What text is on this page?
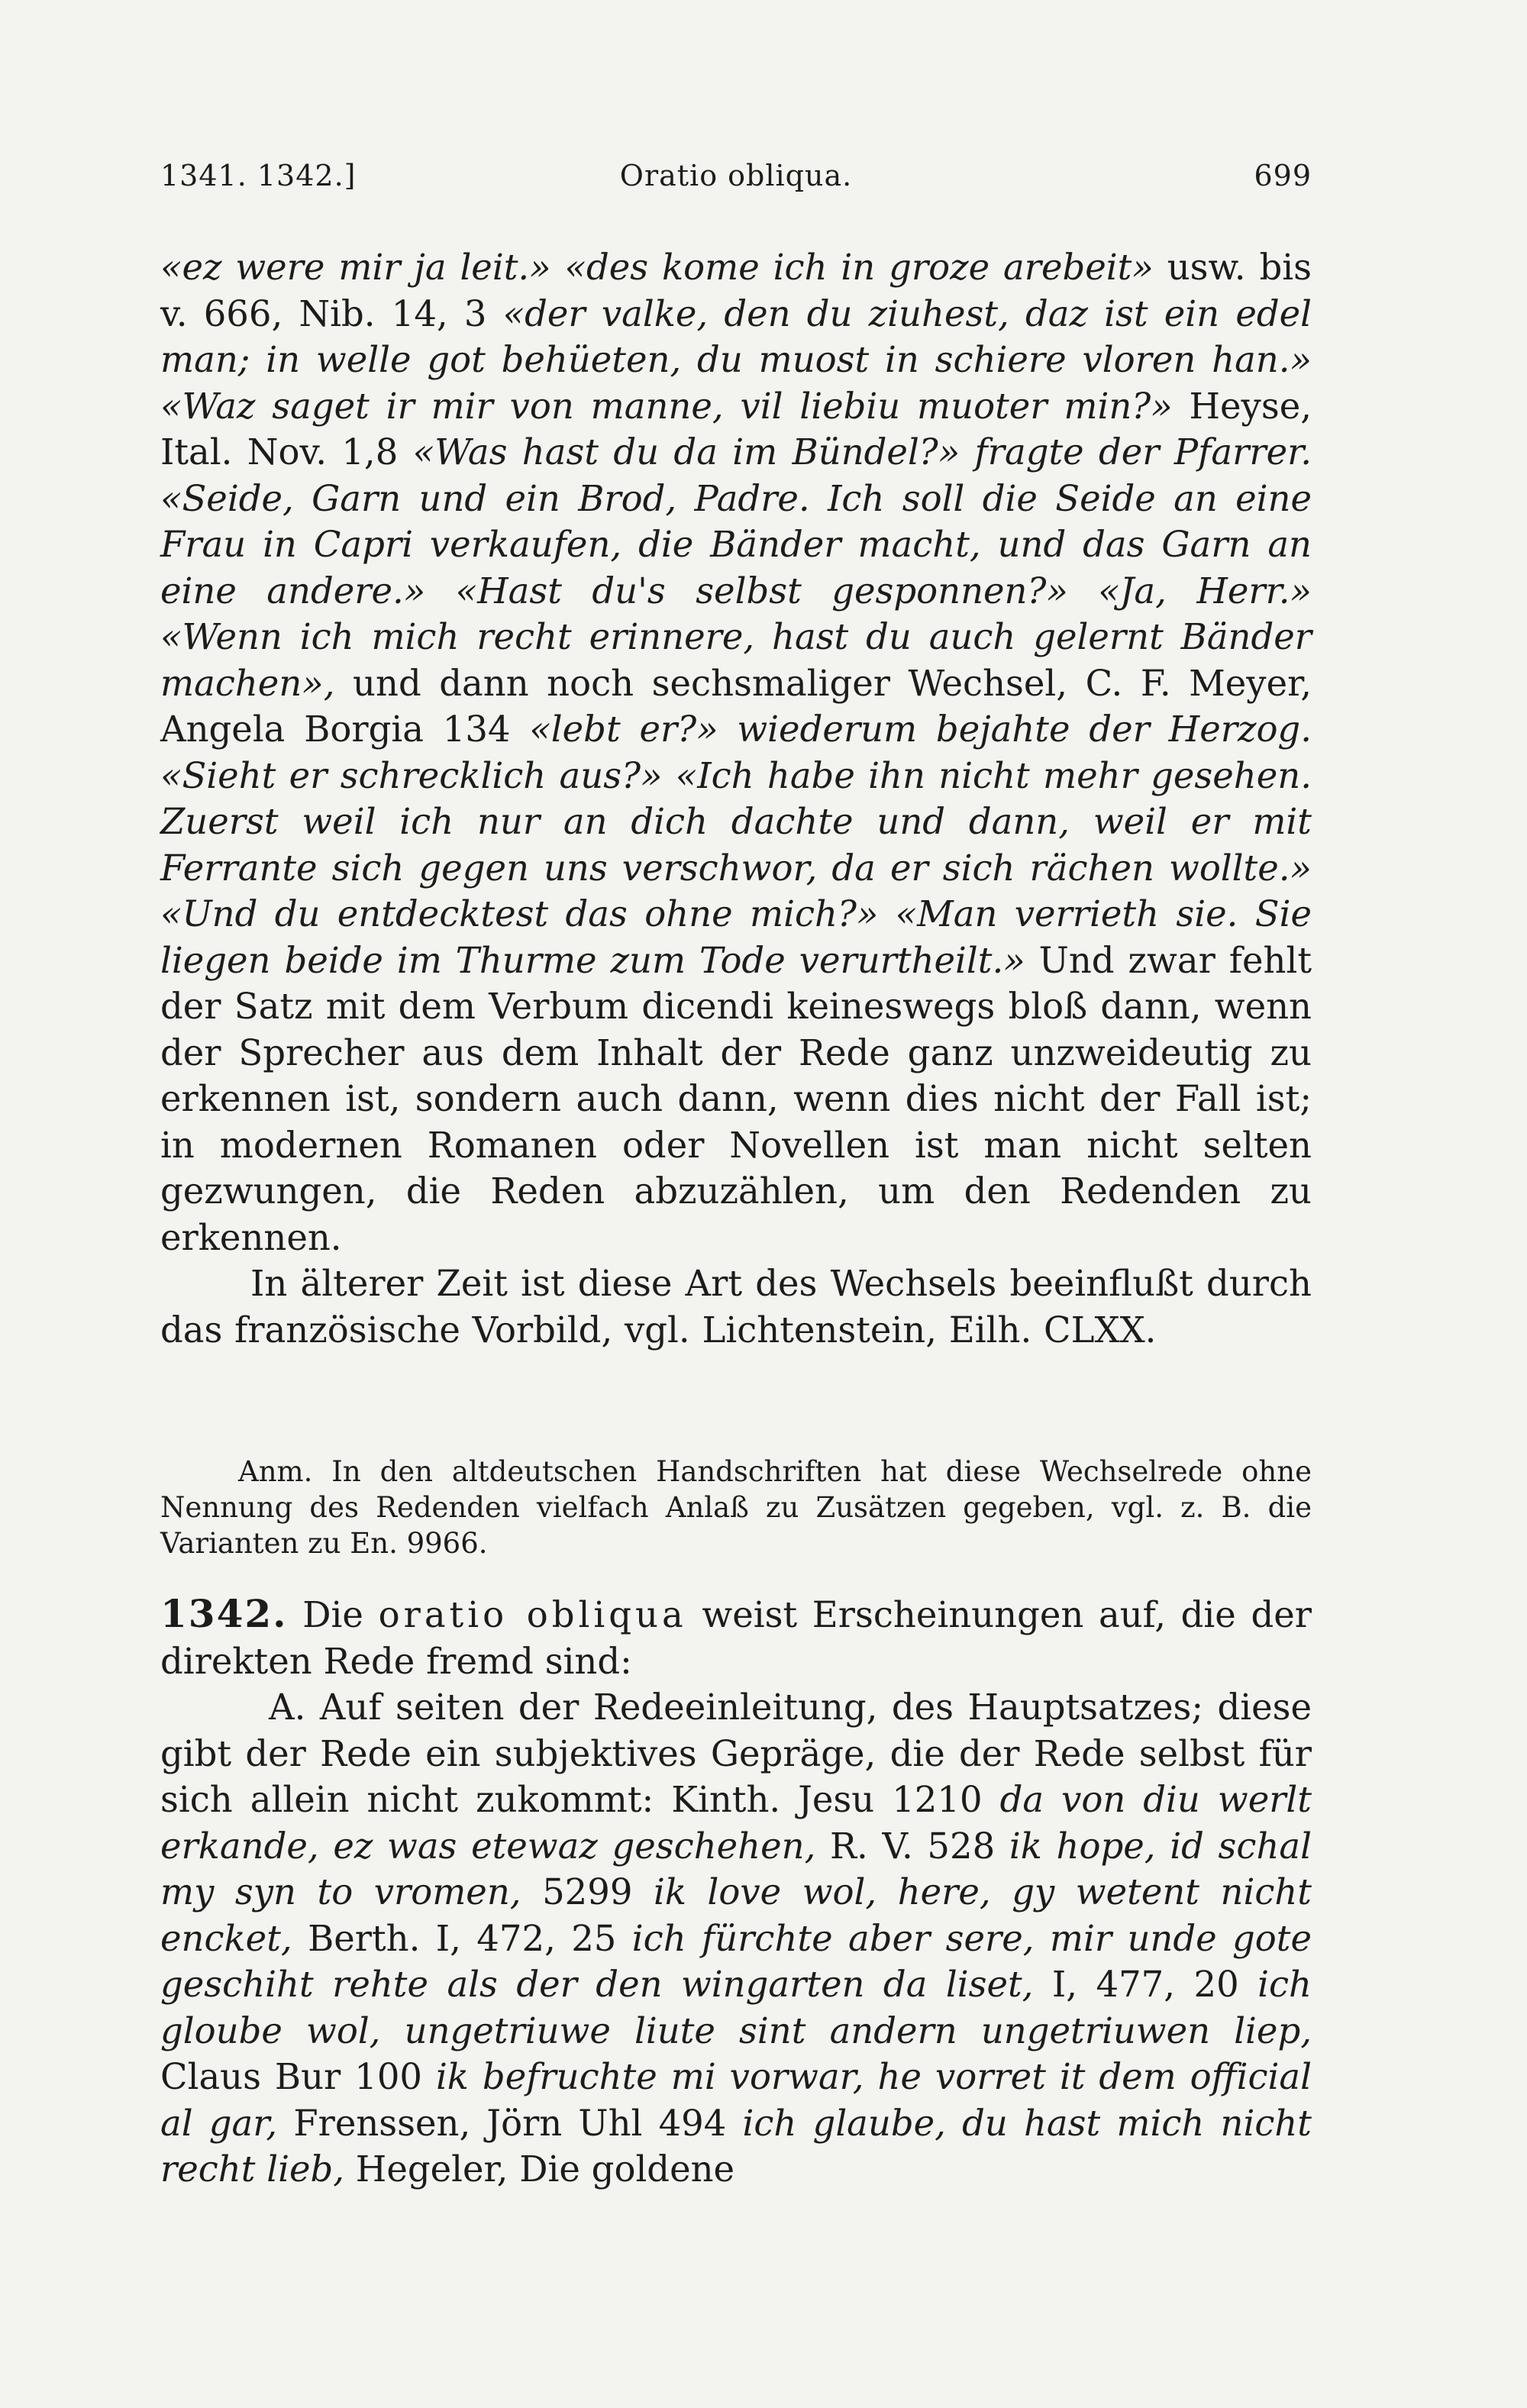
1341. 1342.]	Oratio obliqua.	699

«ez were mir ja leit.» «des kome ich in groze arebeit» usw. bis v. 666, Nib. 14, 3 «der valke, den du ziuhest, daz ist ein edel man; in welle got behüeten, du muost in schiere vloren han.» «Waz saget ir mir von manne, vil liebiu muoter min?» Heyse, Ital. Nov. 1,8 «Was hast du da im Bündel?» fragte der Pfarrer. «Seide, Garn und ein Brod, Padre. Ich soll die Seide an eine Frau in Capri verkaufen, die Bänder macht, und das Garn an eine andere.» «Hast du's selbst gesponnen?» «Ja, Herr.» «Wenn ich mich recht erinnere, hast du auch gelernt Bänder machen», und dann noch sechsmaliger Wechsel, C. F. Meyer, Angela Borgia 134 «lebt er?» wiederum bejahte der Herzog. «Sieht er schrecklich aus?» «Ich habe ihn nicht mehr gesehen. Zuerst weil ich nur an dich dachte und dann, weil er mit Ferrante sich gegen uns verschwor, da er sich rächen wollte.» «Und du entdecktest das ohne mich?» «Man verrieth sie. Sie liegen beide im Thurme zum Tode verurtheilt.» Und zwar fehlt der Satz mit dem Verbum dicendi keineswegs bloß dann, wenn der Sprecher aus dem Inhalt der Rede ganz unzweideutig zu erkennen ist, sondern auch dann, wenn dies nicht der Fall ist; in modernen Romanen oder Novellen ist man nicht selten gezwungen, die Reden abzuzählen, um den Redenden zu erkennen.

In älterer Zeit ist diese Art des Wechsels beeinflußt durch das französische Vorbild, vgl. Lichtenstein, Eilh. CLXX.

Anm. In den altdeutschen Handschriften hat diese Wechselrede ohne Nennung des Redenden vielfach Anlaß zu Zusätzen gegeben, vgl. z. B. die Varianten zu En. 9966.

1342. Die oratio obliqua weist Erscheinungen auf, die der direkten Rede fremd sind:

A. Auf seiten der Redeeinleitung, des Hauptsatzes; diese gibt der Rede ein subjektives Gepräge, die der Rede selbst für sich allein nicht zukommt: Kinth. Jesu 1210 da von diu werlt erkande, ez was etewaz geschehen, R. V. 528 ik hope, id schal my syn to vromen, 5299 ik love wol, here, gy wetent nicht encket, Berth. I, 472, 25 ich fürchte aber sere, mir unde gote geschiht rehte als der den wingarten da liset, I, 477, 20 ich gloube wol, ungetriuwe liute sint andern ungetriuwen liep, Claus Bur 100 ik befruchte mi vorwar, he vorret it dem official al gar, Frenssen, Jörn Uhl 494 ich glaube, du hast mich nicht recht lieb, Hegeler, Die goldene
